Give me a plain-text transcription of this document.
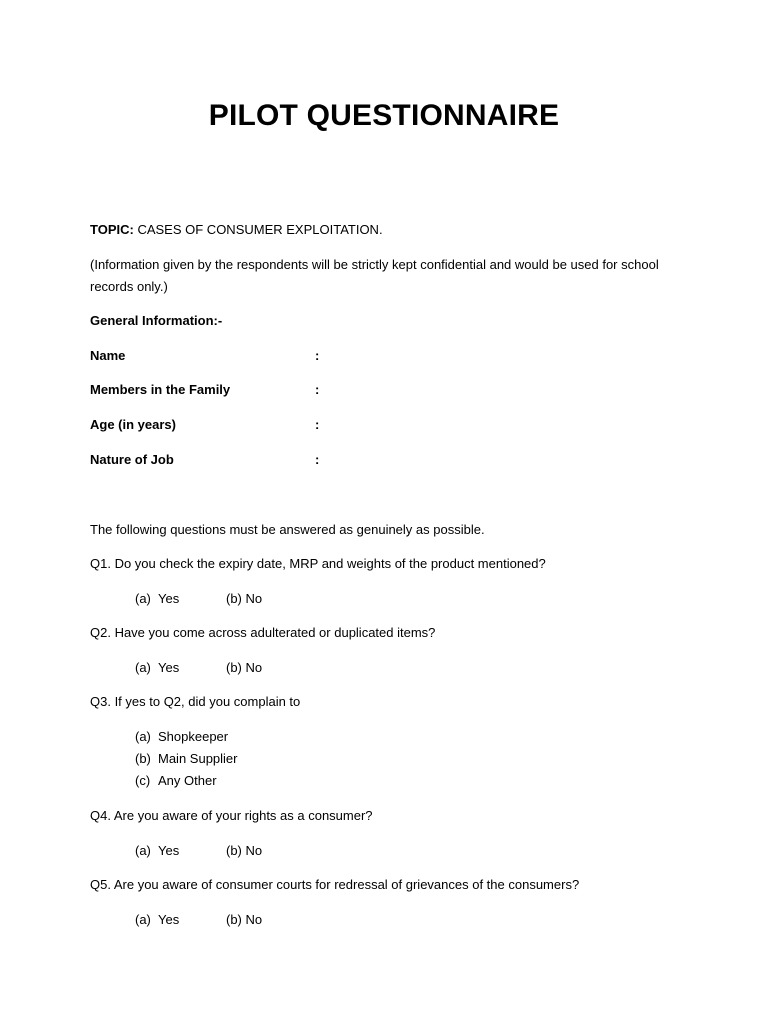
PILOT QUESTIONNAIRE
TOPIC: CASES OF CONSUMER EXPLOITATION.
(Information given by the respondents will be strictly kept confidential and would be used for school records only.)
General Information:-
Name	:
Members in the Family	:
Age (in years)	:
Nature of Job	:
The following questions must be answered as genuinely as possible.
Q1. Do you check the expiry date, MRP and weights of the product mentioned?
(a) Yes	(b) No
Q2. Have you come across adulterated or duplicated items?
(a) Yes	(b) No
Q3. If yes to Q2, did you complain to
(a) Shopkeeper
(b) Main Supplier
(c) Any Other
Q4. Are you aware of your rights as a consumer?
(a) Yes	(b) No
Q5. Are you aware of consumer courts for redressal of grievances of the consumers?
(a) Yes	(b) No
